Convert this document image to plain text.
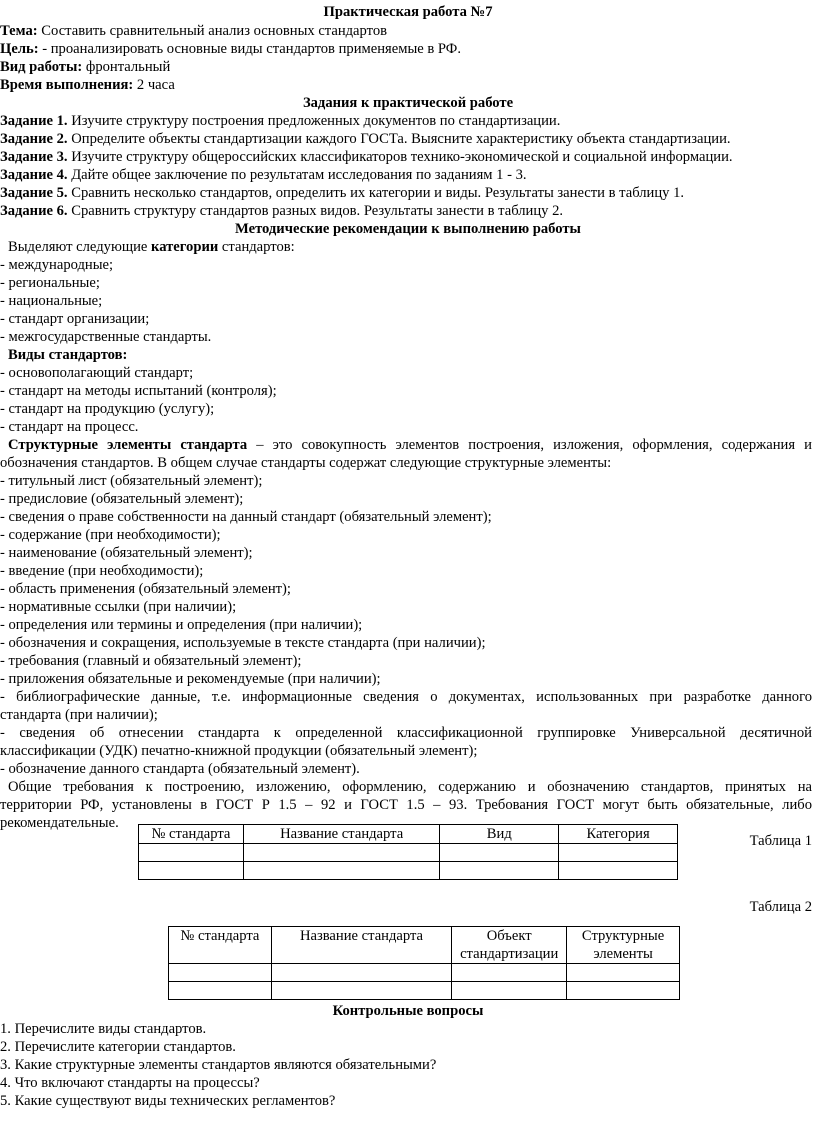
Практическая работа №7
Тема: Составить сравнительный анализ основных стандартов
Цель: - проанализировать основные виды стандартов применяемые в РФ.
Вид работы: фронтальный
Время выполнения: 2 часа
Задания к практической работе
Задание 1. Изучите структуру построения предложенных документов по стандартизации.
Задание 2. Определите объекты стандартизации каждого ГОСТа. Выясните характеристику объекта стандартизации.
Задание 3. Изучите структуру общероссийских классификаторов технико-экономической и социальной информации.
Задание 4. Дайте общее заключение по результатам исследования по заданиям 1 - 3.
Задание 5. Сравнить несколько стандартов, определить их категории и виды. Результаты занести в таблицу 1.
Задание 6. Сравнить структуру стандартов разных видов. Результаты занести в таблицу 2.
Методические рекомендации к выполнению работы
Выделяют следующие категории стандартов:
- международные;
- региональные;
- национальные;
- стандарт организации;
- межгосударственные стандарты.
Виды стандартов:
- основополагающий стандарт;
- стандарт на методы испытаний (контроля);
- стандарт на продукцию (услугу);
- стандарт на процесс.
Структурные элементы стандарта – это совокупность элементов построения, изложения, оформления, содержания и
обозначения стандартов. В общем случае стандарты содержат следующие структурные элементы:
- титульный лист (обязательный элемент);
- предисловие (обязательный элемент);
- сведения о праве собственности на данный стандарт (обязательный элемент);
- содержание (при необходимости);
- наименование (обязательный элемент);
- введение (при необходимости);
- область применения (обязательный элемент);
- нормативные ссылки (при наличии);
- определения или термины и определения (при наличии);
- обозначения и сокращения, используемые в тексте стандарта (при наличии);
- требования (главный и обязательный элемент);
- приложения обязательные и рекомендуемые (при наличии);
- библиографические данные, т.е. информационные сведения о документах, использованных при разработке данного
стандарта (при наличии);
- сведения об отнесении стандарта к определенной классификационной группировке Универсальной десятичной
классификации (УДК) печатно-книжной продукции (обязательный элемент);
- обозначение данного стандарта (обязательный элемент).
Общие требования к построению, изложению, оформлению, содержанию и обозначению стандартов, принятых на
территории РФ, установлены в ГОСТ Р 1.5 – 92 и ГОСТ 1.5 – 93. Требования ГОСТ могут быть обязательные, либо
рекомендательные.
Таблица 1
№ стандарта	Название стандарта	Вид	Категория

Таблица 2
№ стандарта	Название стандарта	Объект стандартизации	Структурные элементы

Контрольные вопросы
1. Перечислите виды стандартов.
2. Перечислите категории стандартов.
3. Какие структурные элементы стандартов являются обязательными?
4. Что включают стандарты на процессы?
5. Какие существуют виды технических регламентов?
